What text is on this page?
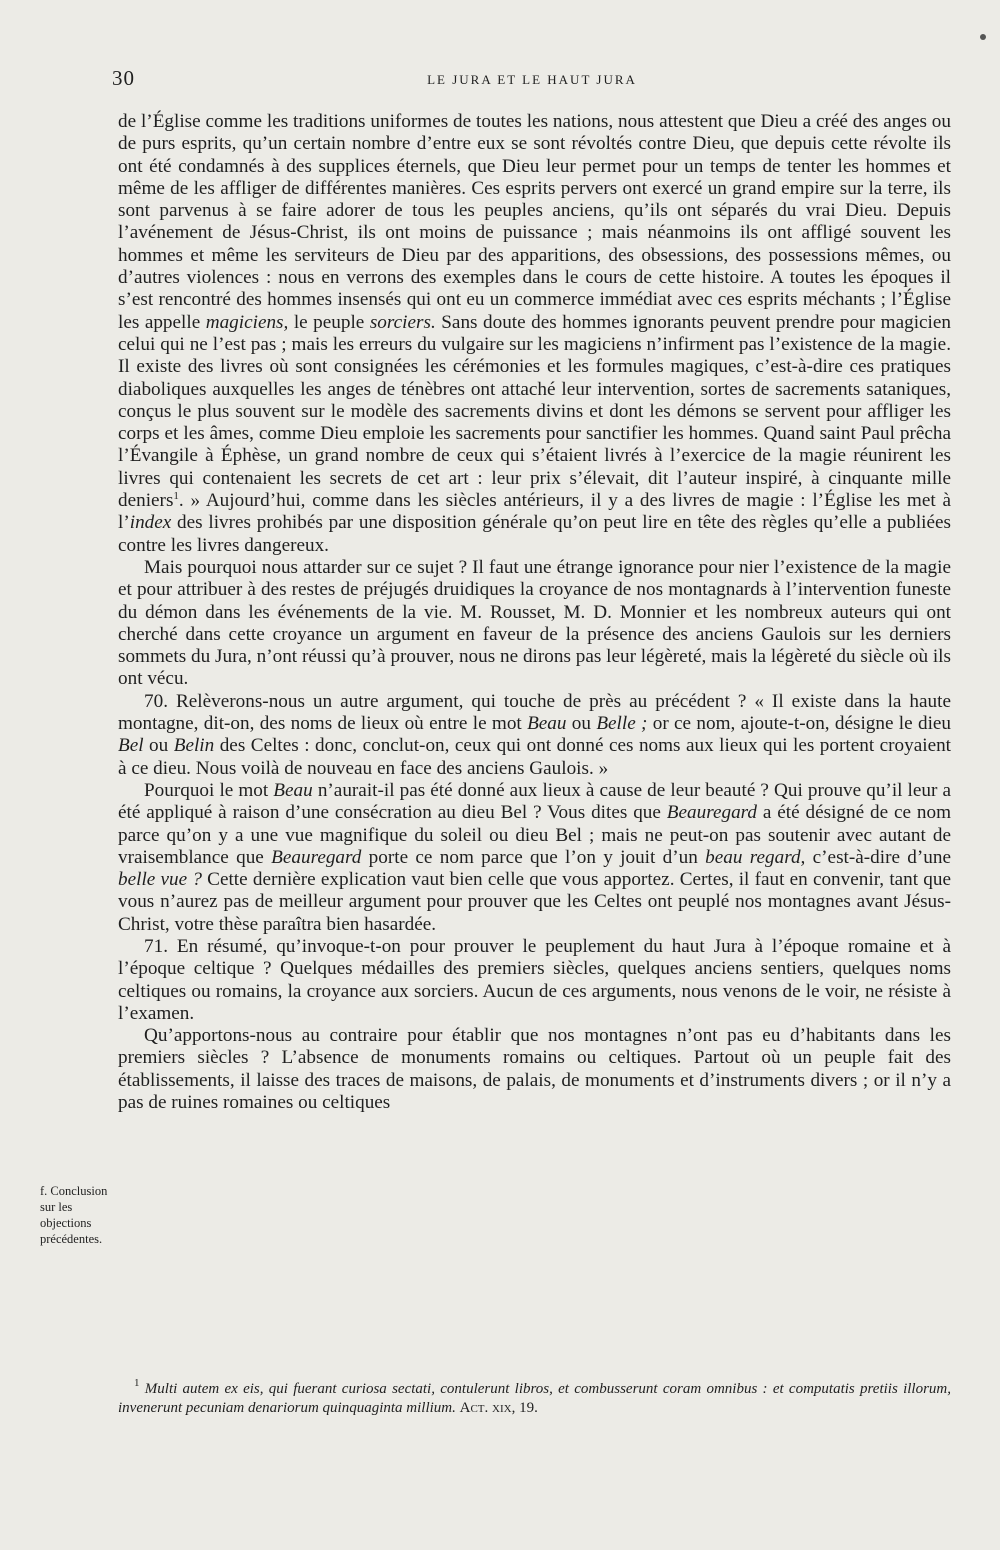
30	LE JURA ET LE HAUT JURA

de l’Église comme les traditions uniformes de toutes les nations, nous attestent que Dieu a créé des anges ou de purs esprits, qu’un certain nombre d’entre eux se sont révoltés contre Dieu, que depuis cette révolte ils ont été condamnés à des supplices éternels, que Dieu leur permet pour un temps de tenter les hommes et même de les affliger de différentes manières. Ces esprits pervers ont exercé un grand empire sur la terre, ils sont parvenus à se faire adorer de tous les peuples anciens, qu’ils ont séparés du vrai Dieu. Depuis l’avénement de Jésus-Christ, ils ont moins de puissance ; mais néanmoins ils ont affligé souvent les hommes et même les serviteurs de Dieu par des apparitions, des obsessions, des possessions mêmes, ou d’autres violences : nous en verrons des exemples dans le cours de cette histoire. A toutes les époques il s’est rencontré des hommes insensés qui ont eu un commerce immédiat avec ces esprits méchants ; l’Église les appelle magiciens, le peuple sorciers. Sans doute des hommes ignorants peuvent prendre pour magicien celui qui ne l’est pas ; mais les erreurs du vulgaire sur les magiciens n’infirment pas l’existence de la magie. Il existe des livres où sont consignées les cérémonies et les formules magiques, c’est-à-dire ces pratiques diaboliques auxquelles les anges de ténèbres ont attaché leur intervention, sortes de sacrements sataniques, conçus le plus souvent sur le modèle des sacrements divins et dont les démons se servent pour affliger les corps et les âmes, comme Dieu emploie les sacrements pour sanctifier les hommes. Quand saint Paul prêcha l’Évangile à Éphèse, un grand nombre de ceux qui s’étaient livrés à l’exercice de la magie réunirent les livres qui contenaient les secrets de cet art : leur prix s’élevait, dit l’auteur inspiré, à cinquante mille deniers$^1$. » Aujourd’hui, comme dans les siècles antérieurs, il y a des livres de magie : l’Église les met à l’index des livres prohibés par une disposition générale qu’on peut lire en tête des règles qu’elle a publiées contre les livres dangereux.

Mais pourquoi nous attarder sur ce sujet ? Il faut une étrange ignorance pour nier l’existence de la magie et pour attribuer à des restes de préjugés druidiques la croyance de nos montagnards à l’intervention funeste du démon dans les événements de la vie. M. Rousset, M. D. Monnier et les nombreux auteurs qui ont cherché dans cette croyance un argument en faveur de la présence des anciens Gaulois sur les derniers sommets du Jura, n’ont réussi qu’à prouver, nous ne dirons pas leur légèreté, mais la légèreté du siècle où ils ont vécu.

70. Relèverons-nous un autre argument, qui touche de près au précédent ? « Il existe dans la haute montagne, dit-on, des noms de lieux où entre le mot Beau ou Belle ; or ce nom, ajoute-t-on, désigne le dieu Bel ou Belin des Celtes : donc, conclut-on, ceux qui ont donné ces noms aux lieux qui les portent croyaient à ce dieu. Nous voilà de nouveau en face des anciens Gaulois. »

Pourquoi le mot Beau n’aurait-il pas été donné aux lieux à cause de leur beauté ? Qui prouve qu’il leur a été appliqué à raison d’une consécration au dieu Bel ? Vous dites que Beauregard a été désigné de ce nom parce qu’on y a une vue magnifique du soleil ou dieu Bel ; mais ne peut-on pas soutenir avec autant de vraisemblance que Beauregard porte ce nom parce que l’on y jouit d’un beau regard, c’est-à-dire d’une belle vue ? Cette dernière explication vaut bien celle que vous apportez. Certes, il faut en convenir, tant que vous n’aurez pas de meilleur argument pour prouver que les Celtes ont peuplé nos montagnes avant Jésus-Christ, votre thèse paraîtra bien hasardée.

71. En résumé, qu’invoque-t-on pour prouver le peuplement du haut Jura à l’époque romaine et à l’époque celtique ? Quelques médailles des premiers siècles, quelques anciens sentiers, quelques noms celtiques ou romains, la croyance aux sorciers. Aucun de ces arguments, nous venons de le voir, ne résiste à l’examen.

Qu’apportons-nous au contraire pour établir que nos montagnes n’ont pas eu d’habitants dans les premiers siècles ? L’absence de monuments romains ou celtiques. Partout où un peuple fait des établissements, il laisse des traces de maisons, de palais, de monuments et d’instruments divers ; or il n’y a pas de ruines romaines ou celtiques

f. Conclusion sur les objections précédentes.
$^1$ Multi autem ex eis, qui fuerant curiosa sectati, contulerunt libros, et combusserunt coram omnibus : et computatis pretiis illorum, invenerunt pecuniam denariorum quinquaginta millium. Act. xix, 19.
